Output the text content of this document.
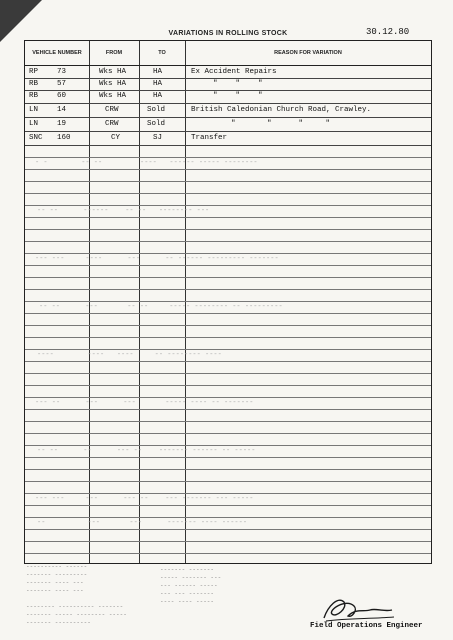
VARIATIONS IN ROLLING STOCK	30.12.80
VEHICLE NUMBER	FROM	TO	REASON FOR VARIATION
RP	73	Wks HA	HA	Ex Accident Repairs
RB	57	Wks HA	HA	"    "    "
RB	60	Wks HA	HA	"    "    "
LN	14	CRW	Sold	British Caledonian Church Road, Crawley.
LN	19	CRW	Sold	"       "      "     "
SNC 160	CY	SJ	Transfer
- -        -- --         ----   ------ ----- --------
-- --      ------    -- --   -------- ---
--- ---     ----      ---      -- ------ --------- -------
-- --      ---       -- --     ----- -------- -- ---------
----        ----   ----     -- -------- ----
--- --      ---      ---       ----- ---- -- -------
-- --      --      --- --    ------- ------ -- -----
--- ---     ---      --- --    --- ------- --- -----
--          ---       ---      ------- ---- ------
---------- ------
------- ---------
------- ---- ---
------- ---- ---

-------- ---------- -------
------- ----- -------- -----
------- ----------
------- -------
----- ------- ---
--- ------ -----
--- --- -------
---- ---- -----
Field Operations Engineer
